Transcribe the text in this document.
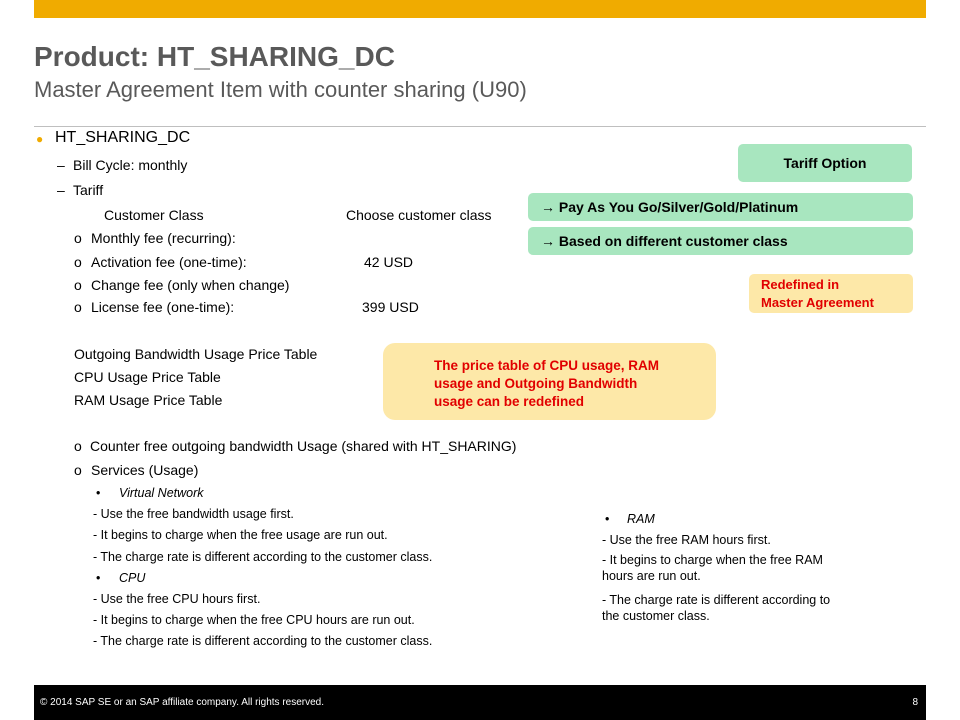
Product: HT_SHARING_DC
Master Agreement Item with counter sharing (U90)
● HT_SHARING_DC
– Bill Cycle: monthly
– Tariff
Customer Class	Choose customer class
o Monthly fee (recurring):
o Activation fee (one-time):	42 USD
o Change fee (only when change)
o License fee (one-time):	399 USD
Outgoing Bandwidth Usage Price Table
CPU Usage Price Table
RAM Usage Price Table
o Counter free outgoing bandwidth Usage (shared with HT_SHARING)
o Services (Usage)
• Virtual Network
- Use the free bandwidth usage first.
- It begins to charge when the free usage are run out.
- The charge rate is different according to the customer class.
• CPU
- Use the free CPU hours first.
- It begins to charge when the free CPU hours are run out.
- The charge rate is different according to the customer class.
• RAM
- Use the free RAM hours first.
- It begins to charge when the free RAM
hours are run out.
- The charge rate is different according to
the customer class.
Tariff Option
→ Pay As You Go/Silver/Gold/Platinum
→ Based on different customer class
Redefined in
Master Agreement
The price table of CPU usage, RAM
usage and Outgoing Bandwidth
usage can be redefined
© 2014 SAP SE or an SAP affiliate company. All rights reserved.	8
